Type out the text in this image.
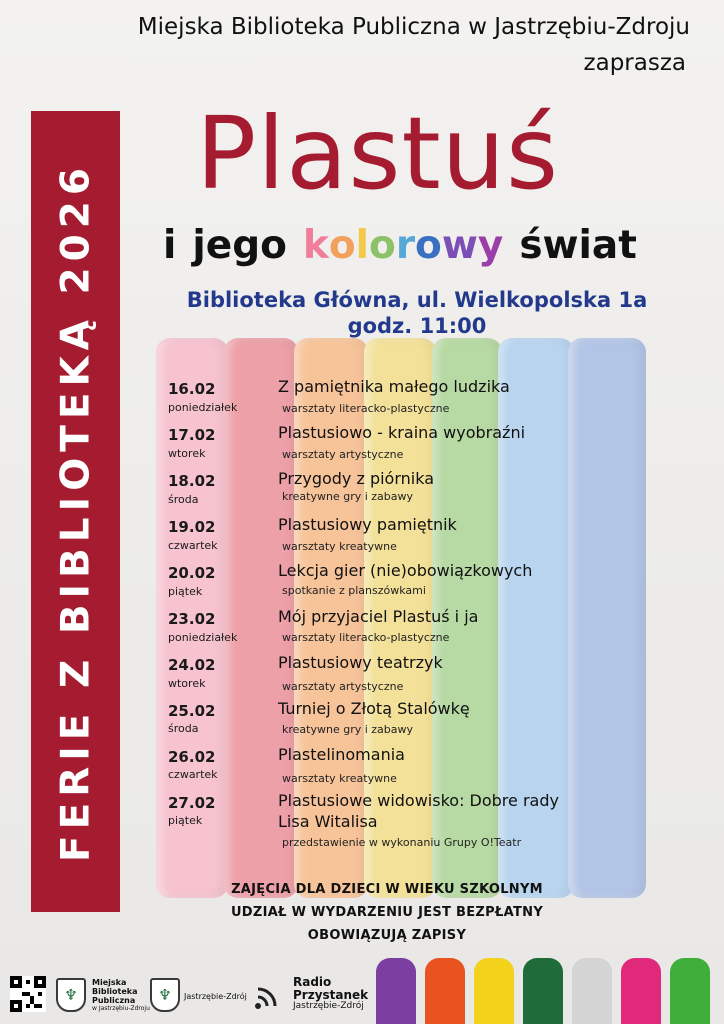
Miejska Biblioteka Publiczna w Jastrzębiu-Zdroju
zaprasza
FERIE Z BIBLIOTEKĄ 2026
Plastuś
i jego kolorowy świat
Biblioteka Główna, ul. Wielkopolska 1a
godz. 11:00
16.02
poniedziałek
Z pamiętnika małego ludzika
warsztaty literacko-plastyczne
17.02
wtorek
Plastusiowo - kraina wyobraźni
warsztaty artystyczne
18.02
środa
Przygody z piórnika
kreatywne gry i zabawy
19.02
czwartek
Plastusiowy pamiętnik
warsztaty kreatywne
20.02
piątek
Lekcja gier (nie)obowiązkowych
spotkanie z planszówkami
23.02
poniedziałek
Mój przyjaciel Plastuś i ja
warsztaty literacko-plastyczne
24.02
wtorek
Plastusiowy teatrzyk
warsztaty artystyczne
25.02
środa
Turniej o Złotą Stalówkę
kreatywne gry i zabawy
26.02
czwartek
Plastelinomania
warsztaty kreatywne
27.02
piątek
Plastusiowe widowisko: Dobre rady
Lisa Witalisa
przedstawienie w wykonaniu Grupy O!Teatr
ZAJĘCIA DLA DZIECI W WIEKU SZKOLNYM
UDZIAŁ W WYDARZENIU JEST BEZPŁATNY
OBOWIĄZUJĄ ZAPISY
♆
Miejska
Biblioteka
Publiczna
w Jastrzębiu-Zdroju
♆	Jastrzębie-Zdrój
Radio
Przystanek
Jastrzębie-Zdrój
